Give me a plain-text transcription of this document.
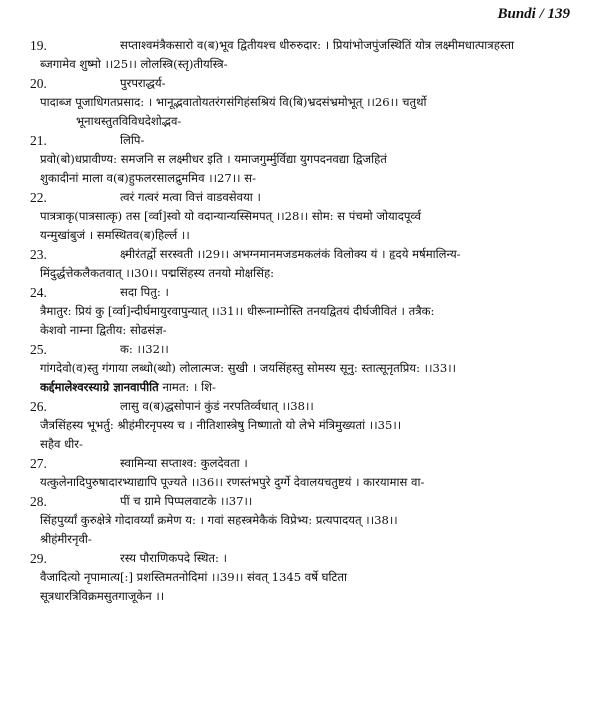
Bundi / 139
19.	सप्ताश्वमंत्रैकसारो व(ब)भूव द्वितीयश्च धीरुरुदार: । प्रियांभोजपुंजस्थितिं योत्र लक्ष्मीमधात्पात्रहस्ता
ब्जगामेव शुष्मो ।।25।। लोलस्त्रि(स्तृ)तीयस्त्रि-
20.	पुरपराद्धर्य-
पादाब्ज पूजाधिगतप्रसाद: । भानूद्भवातोयतरंगसंगिहंसश्रियं वि(बि)भ्रदसंभ्रमोभूत् ।।26।। चतुर्थो
भूनाथस्तुतविविधदेशोद्भव-
21.	लिपि-
प्रवो(बो)धप्रावीण्य: समजनि स लक्ष्मीधर इति । यमाजगुर्म्मुर्विद्या युगपदनवद्या द्विजहितं
शुकादीनां माला व(ब)हुफलरसालद्रुममिव ।।27।। स-
22.	त्वरं गत्वरं मत्वा वित्तं वाडवसेवया ।
पात्रत्राकृ(पात्रसात्कृ) तस [र्व्वा]स्वो यो वदान्यान्यस्सिमपत् ।।28।। सोम: स पंचमो जोयादपूर्व्व
यन्मुखांबुजं । समस्थितव(ब)हिर्ल्ल ।।
23.	क्ष्मीरंतर्द्वो सरस्वती ।।29।। अभग्नमानमजडमकलंकं विलोक्य यं । हृदये मर्षमालिन्य-
मिंदुर्द्धत्तेकलैकतवात् ।।30।। पद्मसिंहस्य तनयो मोक्षसिंह:
24.	सदा पितु: ।
त्रैमातुर: प्रियं कु [र्व्वा]न्दीर्घमायुरवापुन्यात् ।।31।। धीरूनाम्नोस्ति तनयद्वितयं दीर्घजीवितं । तत्रैक:
केशवो नाम्ना द्वितीय: सोढसंज्ञ-
25.	क: ।।32।।
गांगदेवो(व)स्तु गंगाया लब्धो(ब्धो) लोलात्मज: सुखी । जयसिंहस्तु सोमस्य सूनु: स्तात्सूनृतप्रिय: ।।33।।
कर्द्दमालेश्वरस्याग्रे ज्ञानवापीति नामत: । शि-
26.	लासु व(ब)द्धसोपानं कुंडं नरपतिर्व्वधात् ।।38।।
जैत्रसिंहस्य भूभर्तु: श्रीहंमीरनृपस्य च । नीतिशास्त्रेषु निष्णातो यो लेभे मंत्रिमुख्यतां ।।35।।
सहैव धीर-
27.	स्वामिन्या सप्ताश्व: कुलदेवता ।
यत्कुलेनादिपुरुषादारभ्याद्यापि पूज्यते ।।36।। रणस्तंभपुरे दुर्ग्गे देवालयचतुष्टयं । कारयामास वा-
28.	पीं च ग्रामे पिप्पलवाटके ।।37।।
सिंहपुर्य्यां कुरुक्षेत्रे गोदावर्य्यां क्रमेण य: । गवां सहस्त्रमेकैकं विप्रेभ्य: प्रत्यपादयत् ।।38।।
श्रीहंमीरनृवी-
29.	रस्य पौराणिकपदे स्थित: ।
वैजादित्यो नृपामात्य[:] प्रशस्तिमतनोदिमां ।।39।। संवत् 1345 वर्षे घटिता
सूत्रधारत्रिविक्रमसुतगाजूकेन ।।
